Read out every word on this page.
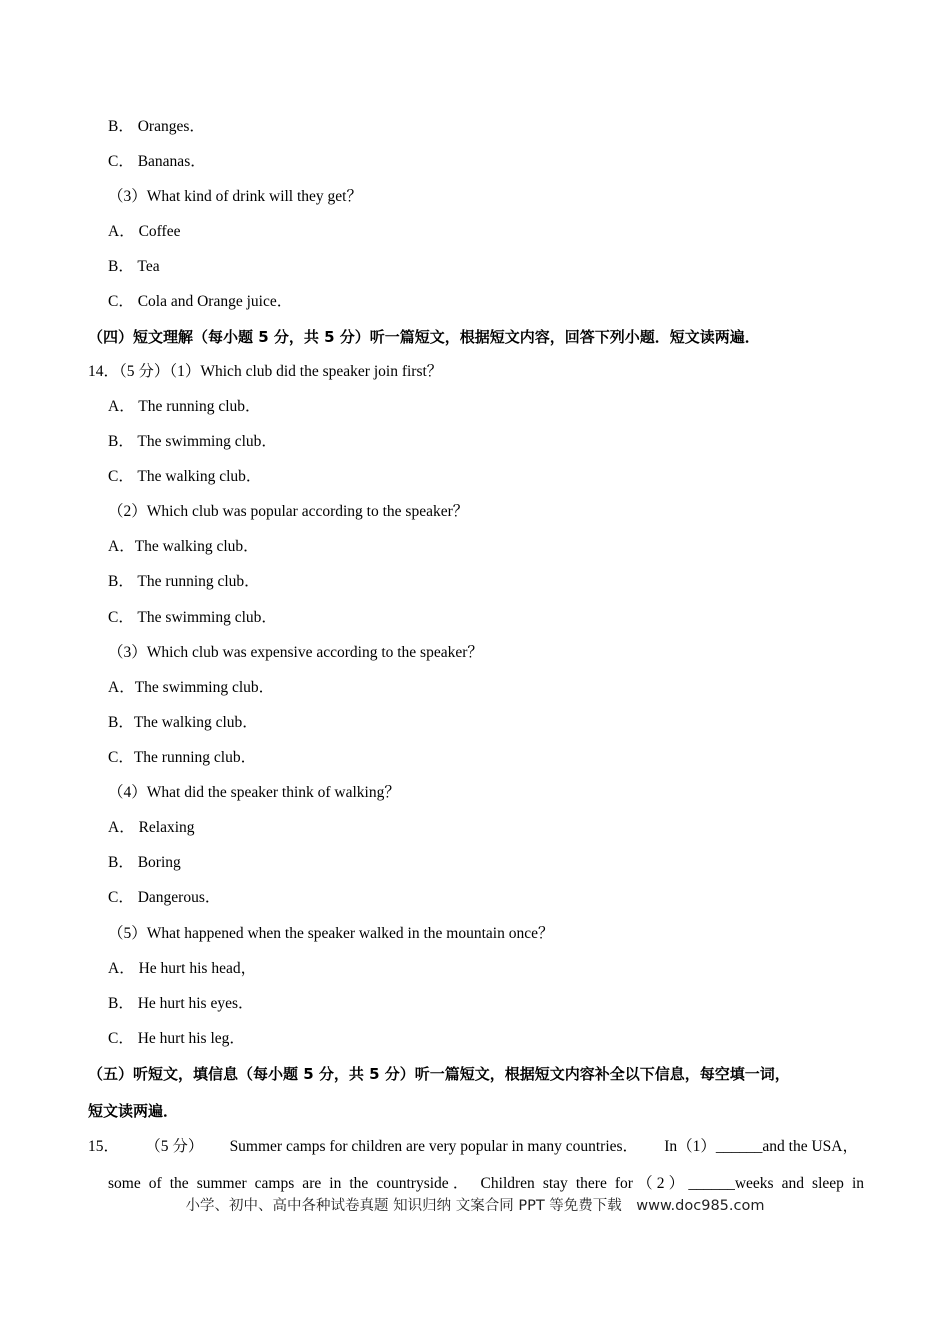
B． Oranges．
C． Bananas．
（3）What kind of drink will they get？
A． Coffee
B． Tea
C． Cola and Orange juice．
（四）短文理解（每小题 5 分，共 5 分）听一篇短文，根据短文内容，回答下列小题．短文读两遍．
14．（5 分）（1）Which club did the speaker join first？
A． The running club．
B． The swimming club．
C． The walking club．
（2）Which club was popular according to the speaker？
A．The walking club．
B． The running club．
C． The swimming club．
（3）Which club was expensive according to the speaker？
A．The swimming club．
B．The walking club．
C．The running club．
（4）What did the speaker think of walking？
A． Relaxing
B． Boring
C． Dangerous．
（5）What happened when the speaker walked in the mountain once？
A． He hurt his head，
B． He hurt his eyes．
C． He hurt his leg．
（五）听短文，填信息（每小题 5 分，共 5 分）听一篇短文，根据短文内容补全以下信息，每空填一词，
短文读两遍．
15． （5 分） Summer camps for children are very popular in many countries． In（1）______and the USA，
some of the summer camps are in the countryside． Children stay there for（2）______weeks and sleep in
小学、初中、高中各种试卷真题 知识归纳 文案合同 PPT 等免费下载　www.doc985.com
